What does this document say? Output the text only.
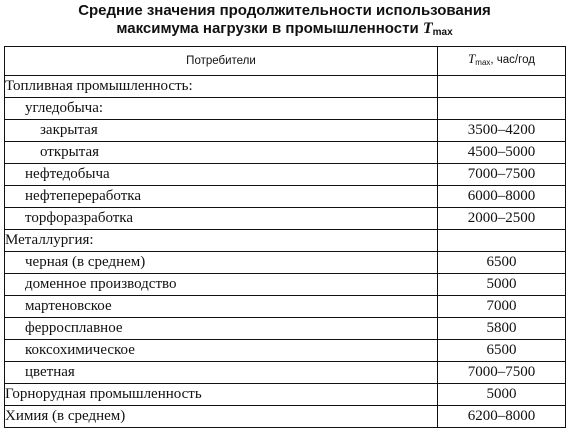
Средние значения продолжительности использования
максимума нагрузки в промышленности Tmax
Потребители	Tmax, час/год
Топливная промышленность:	
угледобыча:	
закрытая	3500–4200
открытая	4500–5000
нефтедобыча	7000–7500
нефтепереработка	6000–8000
торфоразработка	2000–2500
Металлургия:	
черная (в среднем)	6500
доменное производство	5000
мартеновское	7000
ферросплавное	5800
коксохимическое	6500
цветная	7000–7500
Горнорудная промышленность	5000
Химия (в среднем)	6200–8000
